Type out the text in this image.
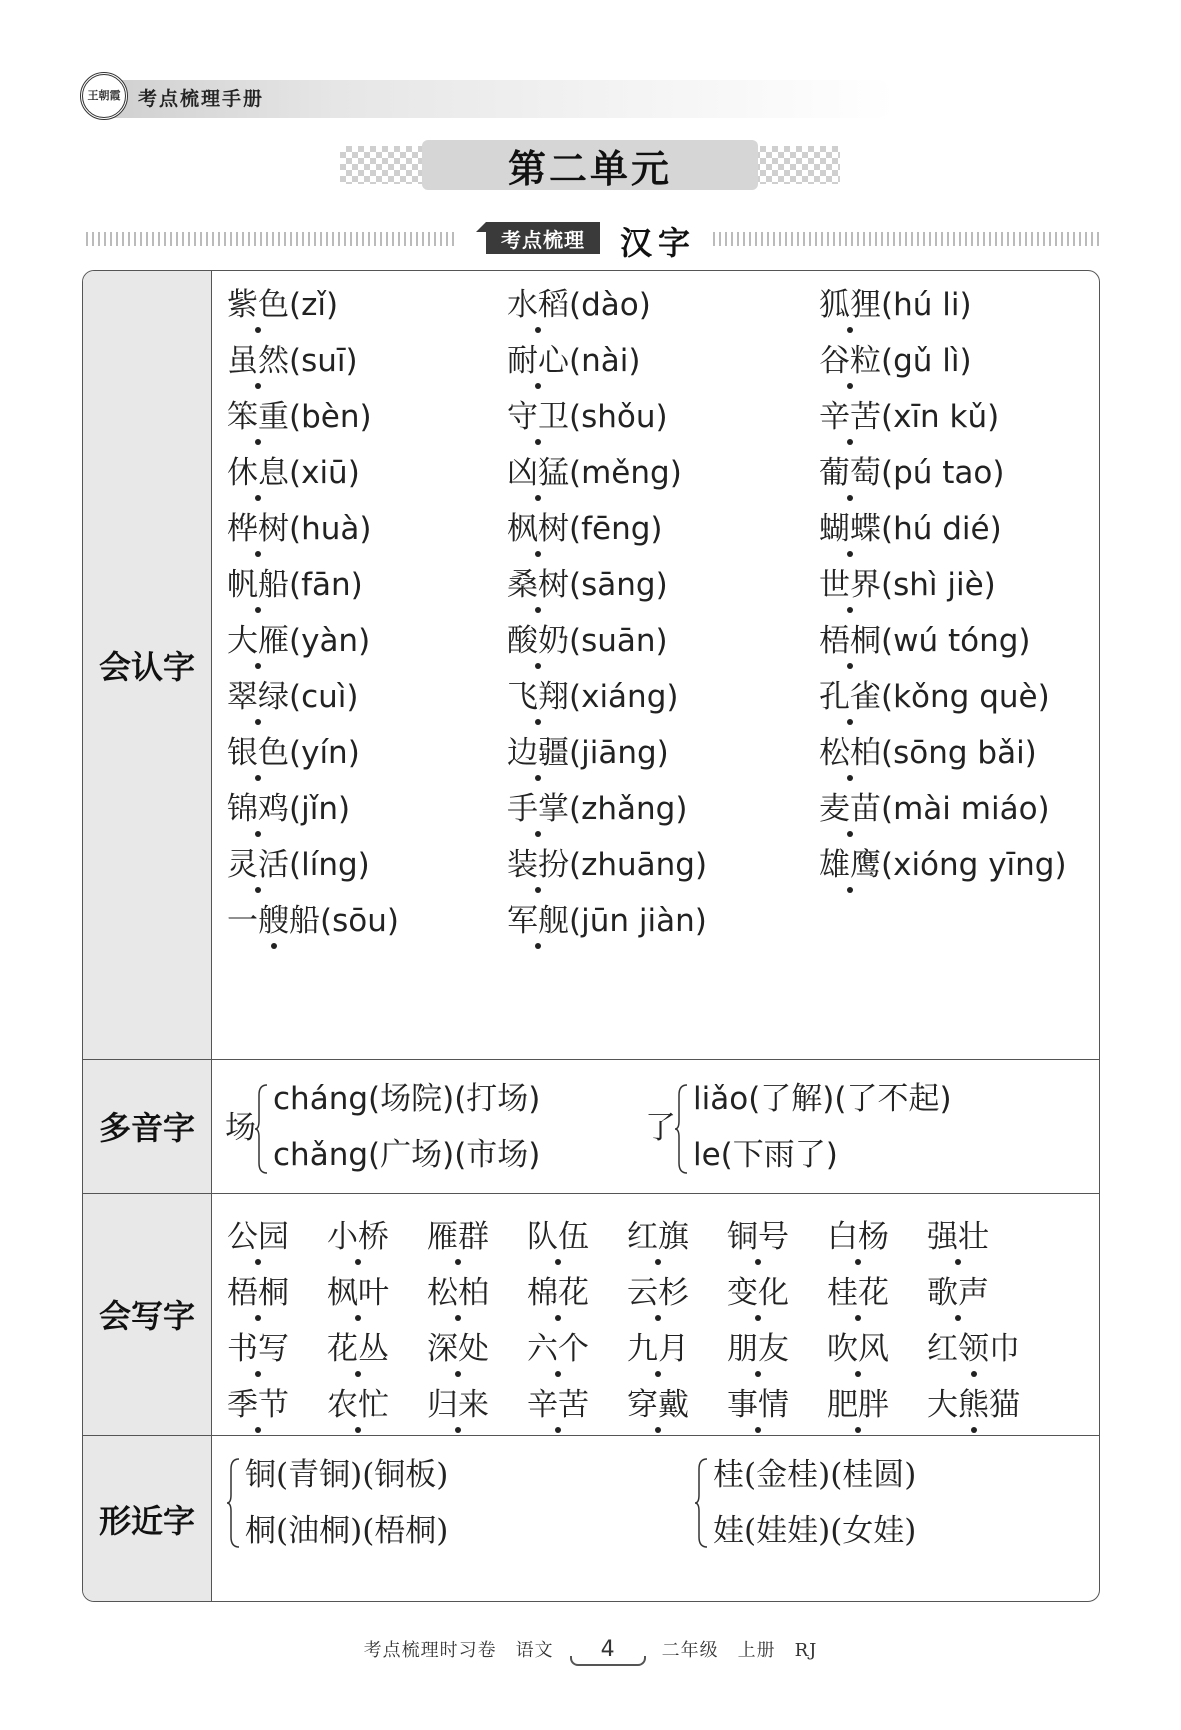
王朝霞 考点梳理手册
第二单元
考点梳理 汉字
会认字
多音字
会写字
形近字
紫色(zǐ)
虽然(suī)
笨重(bèn)
休息(xiū)
桦树(huà)
帆船(fān)
大雁(yàn)
翠绿(cuì)
银色(yín)
锦鸡(jǐn)
灵活(líng)
一艘船(sōu)
水稻(dào)
耐心(nài)
守卫(shǒu)
凶猛(měng)
枫树(fēng)
桑树(sāng)
酸奶(suān)
飞翔(xiáng)
边疆(jiāng)
手掌(zhǎng)
装扮(zhuāng)
军舰(jūn jiàn)
狐狸(hú li)
谷粒(gǔ lì)
辛苦(xīn kǔ)
葡萄(pú tao)
蝴蝶(hú dié)
世界(shì jiè)
梧桐(wú tóng)
孔雀(kǒng què)
松柏(sōng bǎi)
麦苗(mài miáo)
雄鹰(xióng yīng)
场
cháng(场院)(打场)
chǎng(广场)(市场)
了
liǎo(了解)(了不起)
le(下雨了)
公园 小桥 雁群 队伍 红旗 铜号 白杨 强壮
梧桐 枫叶 松柏 棉花 云杉 变化 桂花 歌声
书写 花丛 深处 六个 九月 朋友 吹风 红领巾
季节 农忙 归来 辛苦 穿戴 事情 肥胖 大熊猫
铜(青铜)(铜板)
桐(油桐)(梧桐)
桂(金桂)(桂圆)
娃(娃娃)(女娃)
考点梳理时习卷　语文	4	二年级　上册　RJ
